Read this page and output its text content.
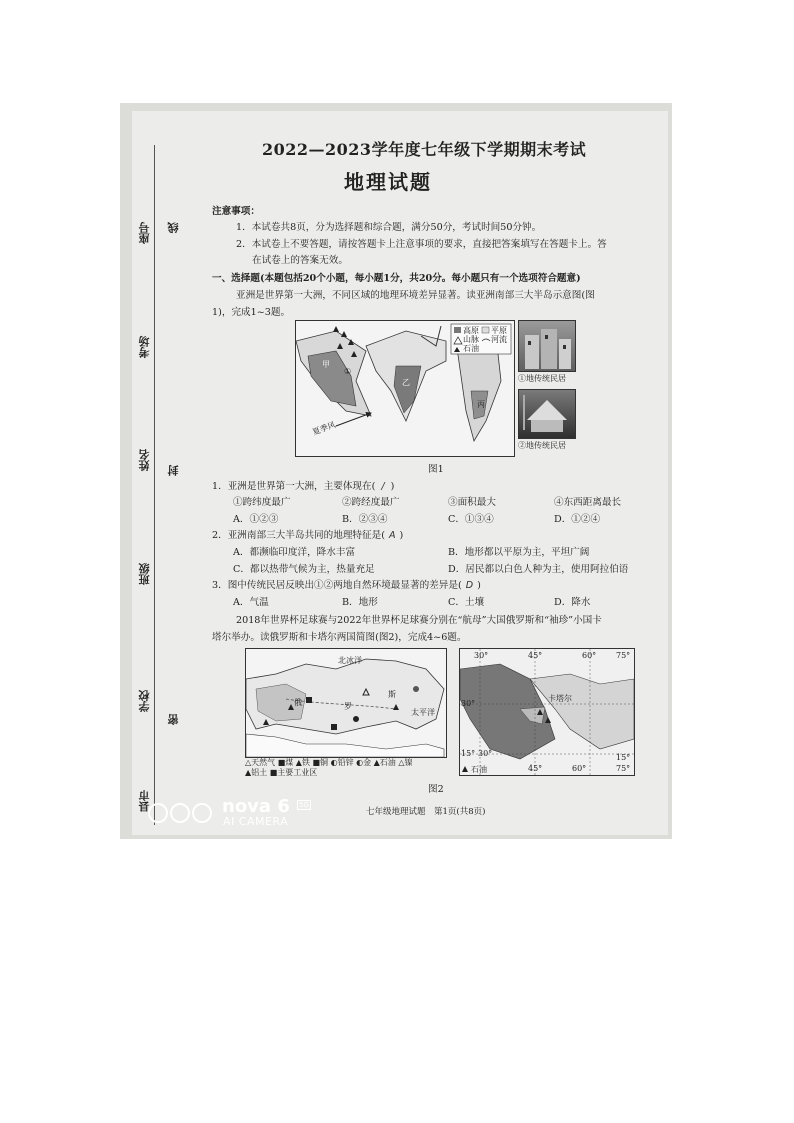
座号 线
考场
姓名 封
班级
学校
密
县市
2022—2023学年度七年级下学期期末考试
地理试题
注意事项：
1．本试卷共8页，分为选择题和综合题，满分50分，考试时间50分钟。
2．本试卷上不要答题，请按答题卡上注意事项的要求，直接把答案填写在答题卡上。答
在试卷上的答案无效。
一、选择题(本题包括20个小题，每小题1分，共20分。每小题只有一个选项符合题意)
亚洲是世界第一大洲，不同区域的地理环境差异显著。读亚洲南部三大半岛示意图(图
1)，完成1~3题。
高原 平原
山脉 河流
石油
甲
乙
丙
①
夏季风
①地传统民居
②地传统民居
图1
1．亚洲是世界第一大洲，主要体现在( / )
①跨纬度最广	②跨经度最广	③面积最大	④东西距离最长
A．①②③	B．②③④	C．①③④	D．①②④
2．亚洲南部三大半岛共同的地理特征是( A )
A．都濒临印度洋，降水丰富	B．地形都以平原为主，平坦广阔
C．都以热带气候为主，热量充足	D．居民都以白色人种为主，使用阿拉伯语
3．图中传统民居反映出①②两地自然环境最显著的差异是( D )
A．气温	B．地形	C．土壤	D．降水
2018年世界杯足球赛与2022年世界杯足球赛分别在“航母”大国俄罗斯和“袖珍”小国卡
塔尔举办。读俄罗斯和卡塔尔两国简图(图2)，完成4~6题。
北冰洋
俄	罗
斯
太平洋
△天然气 ■煤 ▲铁 ■铜 ◐铅锌 ◐金 ▲石油 △镍
▲铝土 ■主要工业区
30°	45°	60° 75°
30°
15° 30°
45°	60°	75°
15°
卡塔尔
石油
图2
七年级地理试题　第1页(共8页)
nova 6 5G
AI CAMERA
